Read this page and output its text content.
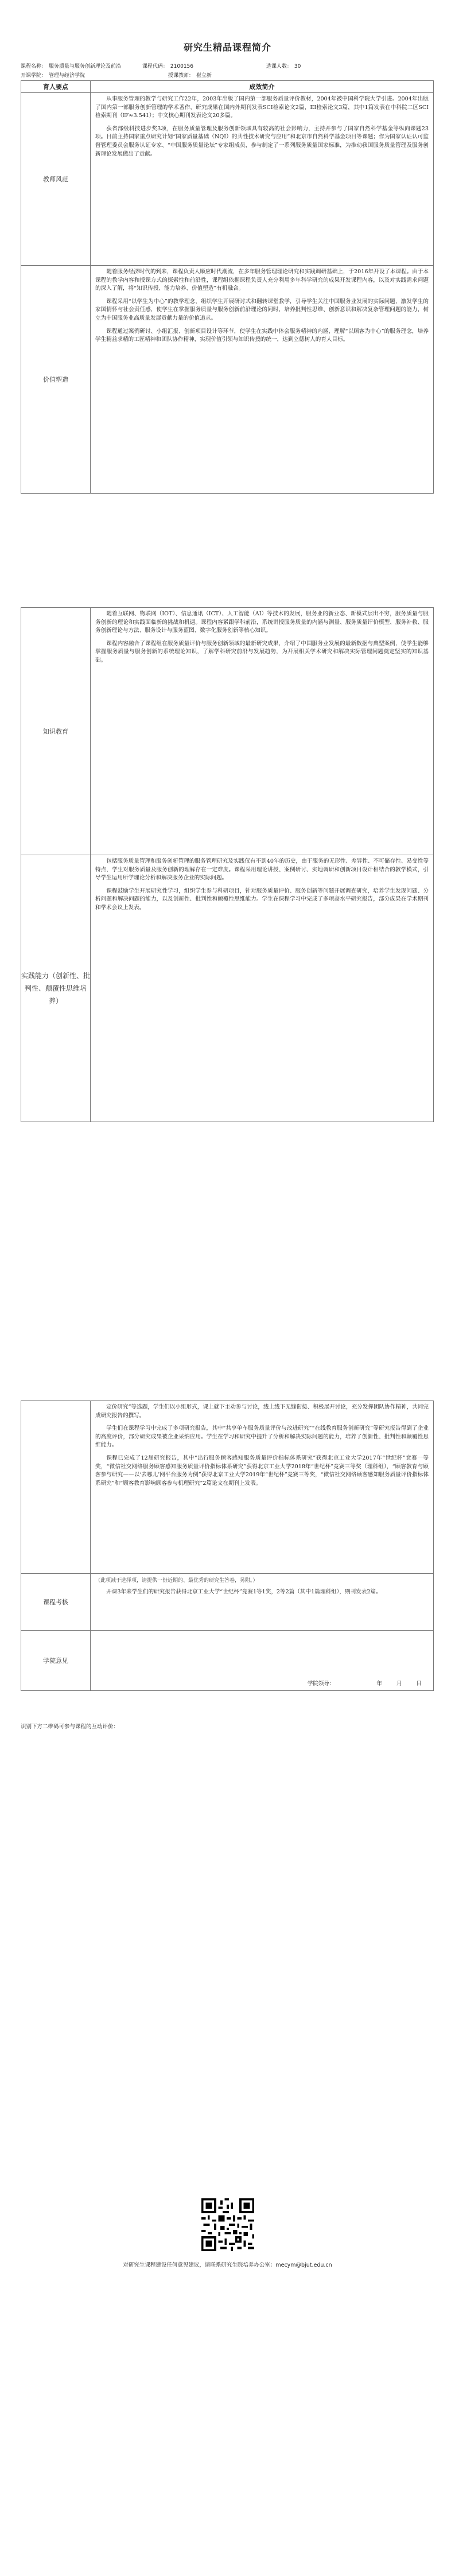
研究生精品课程简介
课程名称： 服务质量与服务创新理论及前沿	课程代码： 2100156	选课人数： 30
开课学院： 管理与经济学院	授课教师： 崔立新
育人要点	成效简介
教师风范	从事服务管理的教学与研究工作22年，2003年出版了国内第一部服务质量评价教材，2004年被中国科学院大学引进。2004年出版了国内第一部服务创新管理的学术著作，研究成果在国内外期刊发表SCI检索论文2篇，EI检索论文3篇，其中1篇发表在中科院二区SCI检索期刊（IF≈3.541）；中文核心期刊发表论文20多篇。

获省部级科技进步奖3项，在服务质量管理及服务创新领域具有较高的社会影响力，主持并参与了国家自然科学基金等纵向课题23项。目前主持国家重点研究计划“国家质量基础（NQI）的共性技术研究与应用”和北京市自然科学基金项目等课题；作为国家认证认可监督管理委员会服务认证专家、“中国服务质量论坛”专家组成员，参与制定了一系列服务质量国家标准，为推动我国服务质量管理及服务创新理论发展做出了贡献。

价值塑造	随着服务经济时代的到来，课程负责人顺应时代潮流，在多年服务管理理论研究和实践调研基础上，于2016年开设了本课程。由于本课程的教学内容和授课方式的探索性和前沿性，课程组依据课程负责人充分利用多年科学研究的成果开发课程内容，以及对实践需求问题的深入了解，将“知识传授、能力培养、价值塑造”有机融合。

课程采用“以学生为中心”的教学理念，组织学生开展研讨式和翻转课堂教学，引导学生关注中国服务业发展的实际问题，激发学生的家国情怀与社会责任感，使学生在掌握服务质量与服务创新前沿理论的同时，培养批判性思维、创新意识和解决复杂管理问题的能力，树立为中国服务业高质量发展贡献力量的价值追求。

课程通过案例研讨、小组汇报、创新项目设计等环节，使学生在实践中体会服务精神的内涵，理解“以顾客为中心”的服务理念，培养学生精益求精的工匠精神和团队协作精神，实现价值引领与知识传授的统一，达到立德树人的育人目标。

知识教育	随着互联网、物联网（IOT）、信息通讯（ICT）、人工智能（AI）等技术的发展，服务业的新业态、新模式层出不穷，服务质量与服务创新的理论和实践面临新的挑战和机遇。课程内容紧跟学科前沿，系统讲授服务质量的内涵与测量、服务质量评价模型、服务补救、服务创新理论与方法、服务设计与服务蓝图、数字化服务创新等核心知识。

课程内容融合了课程组在服务质量评价与服务创新领域的最新研究成果，介绍了中国服务业发展的最新数据与典型案例，使学生能够掌握服务质量与服务创新的系统理论知识，了解学科研究前沿与发展趋势，为开展相关学术研究和解决实际管理问题奠定坚实的知识基础。

实践能力（创新性、批判性、颠覆性思维培养）	包括服务质量管理和服务创新管理的服务管理研究及实践仅有不到40年的历史，由于服务的无形性、差异性、不可储存性、易变性等特点，学生对服务质量及服务创新的理解存在一定难度。课程采用理论讲授、案例研讨、实地调研和创新项目设计相结合的教学模式，引导学生运用所学理论分析和解决服务企业的实际问题。

课程鼓励学生开展研究性学习，组织学生参与科研项目，针对服务质量评价、服务创新等问题开展调查研究，培养学生发现问题、分析问题和解决问题的能力，以及创新性、批判性和颠覆性思维能力。学生在课程学习中完成了多项高水平研究报告，部分成果在学术期刊和学术会议上发表。

	定价研究”等选题，学生们以小组形式，课上就下主动参与讨论，线上线下无缝衔接、积极展开讨论，充分发挥团队协作精神，共同完成研究报告的撰写。

学生们在课程学习中完成了多项研究报告，其中“共享单车服务质量评价与改进研究”“在线教育服务创新研究”等研究报告得到了企业的高度评价，部分研究成果被企业采纳应用。学生在学习和研究中提升了分析和解决实际问题的能力，培养了创新性、批判性和颠覆性思维能力。

课程已完成了12届研究报告，其中“出行服务顾客感知服务质量评价指标体系研究”获得北京工业大学2017年“世纪杯”竞赛一等奖，“微信社交网络服务顾客感知服务质量评价指标体系研究”获得北京工业大学2018年“世纪杯”竞赛三等奖（理科组），“顾客教育与顾客参与研究——以‘去哪儿’网平台服务为例”获得北京工业大学2019年“世纪杯”竞赛三等奖，“微信社交网络顾客感知服务质量评价指标体系研究”和“顾客教育影响顾客参与机理研究”2篇论文在期刊上发表。

课程考核	（此项减于选择项，请提供一份近期的、最优秀的研究生答卷，另附。）

开课3年来学生们的研究报告获得北京工业大学“世纪杯”竞赛1等1奖，2等2篇（其中1篇理科组），期刊发表2篇。

学院意见	学院领导： 年 月 日
识别下方二维码可参与课程的互动评价：
对研究生课程建设任何意见建议，请联系研究生院培养办公室：mecym@bjut.edu.cn
